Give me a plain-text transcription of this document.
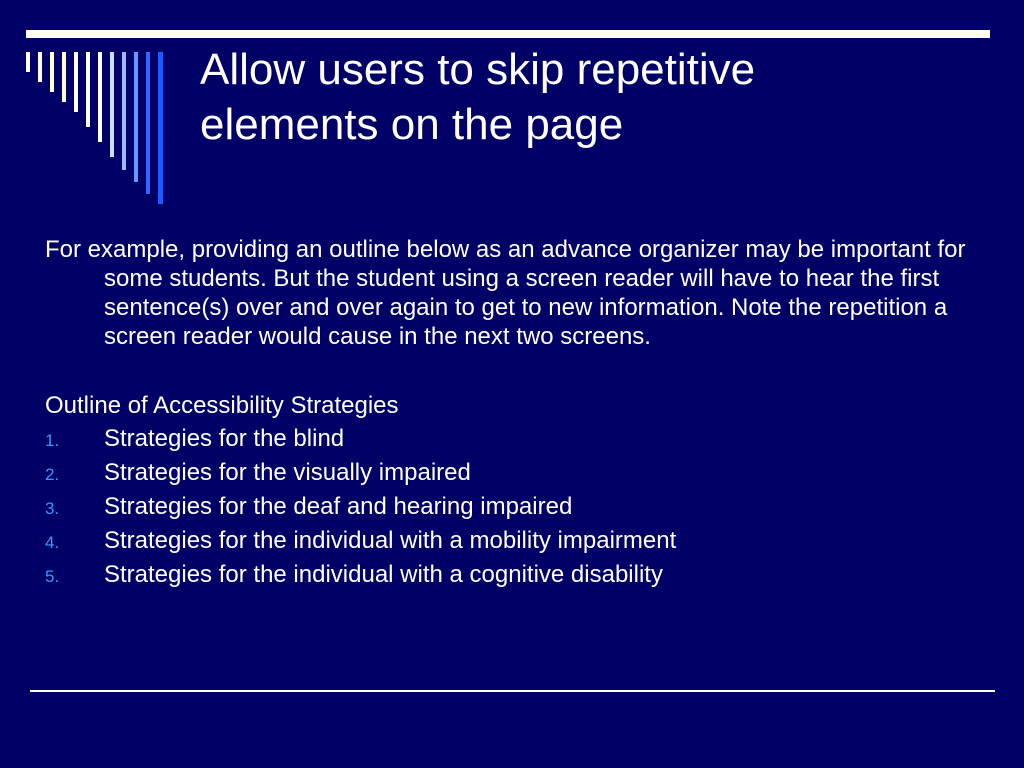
Allow users to skip repetitive
elements on the page

For example, providing an outline below as an advance organizer may be important for some students. But the student using a screen reader will have to hear the first sentence(s) over and over again to get to new information. Note the repetition a screen reader would cause in the next two screens.

Outline of Accessibility Strategies

1.	Strategies for the blind
2.	Strategies for the visually impaired
3.	Strategies for the deaf and hearing impaired
4.	Strategies for the individual with a mobility impairment
5.	Strategies for the individual with a cognitive disability
